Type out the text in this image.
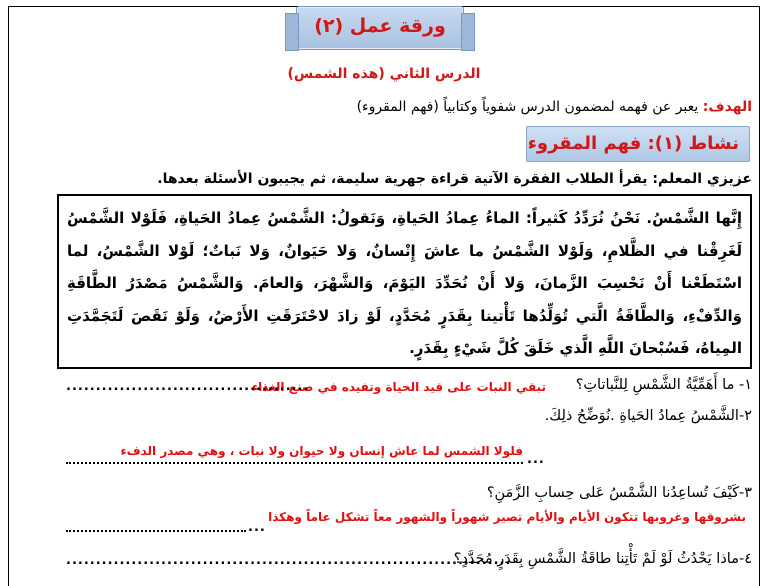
ورقة عمل (٢)
الدرس الثاني (هذه الشمس)
الهدف: يعبر عن فهمه لمضمون الدرس شفوياً وكتابياً (فهم المقروء)
نشاط (١): فهم المقروء
عزيزي المعلم: يقرأ الطلاب الفقرة الآتية قراءة جهرية سليمة، ثم يجيبون الأسئلة بعدها.

إِنَّها الشَّمْسُ. نَحْنُ نُرَدِّدُ كَثيراً: الماءُ عِمادُ الحَياةِ، وَنَقولُ: الشَّمْسُ عِمادُ الحَياةِ، فَلَوْلا الشَّمْسُ لَغَرِقْنا في الظَّلامِ، وَلَوْلا الشَّمْسُ ما عاشَ إِنْسانٌ، وَلا حَيَوانٌ، وَلا نَباتٌ؛ لَوْلا الشَّمْسُ، لما اسْتَطَعْنا أَنْ نَحْسِبَ الزَّمانَ، وَلا أَنْ نُحَدِّدَ اليَوْمَ، وَالشَّهْرَ، وَالعامَ. وَالشَّمْسُ مَصْدَرُ الطَّاقَةِ وَالدِّفْءِ، وَالطَّاقَةُ الَّتي تُوَلِّدُها تَأْتينا بِقَدَرٍ مُحَدَّدٍ، لَوْ زادَ لاحْتَرَقَتِ الأَرْضُ، وَلَوْ نَقَصَ لَتَجَمَّدَتِ المِياهُ، فَسُبْحانَ اللَّهِ الَّذي خَلَقَ كُلَّ شَيْءٍ بِقَدَرٍ.

١- ما أَهَمِّيَّةُ الشَّمْسِ لِلنَّباتاتِ؟
تبقي النبات على قيد الحياة وتفيده في صنع الغذاء
.........................................
٢-الشَّمْسُ عِمادُ الحَياةِ .نُوَضِّحُ ذلِكَ.
فلولا الشمس لما عاش إنسان ولا حيوان ولا نبات ، وهي مصدر الدفء
...
٣-كَيْفَ تُساعِدُنا الشَّمْسُ عَلى حِسابِ الزَّمَنِ؟
بشروقها وغروبها تتكون الأيام والأيام تصير شهوراً والشهور معاً تشكل عاماً وهكذا
...
٤-ماذا يَحْدُثُ لَوْ لَمْ تَأْتِنا طاقَةُ الشَّمْسِ بِقَدَرٍ مُحَدَّدٍ؟
...........................................................................
